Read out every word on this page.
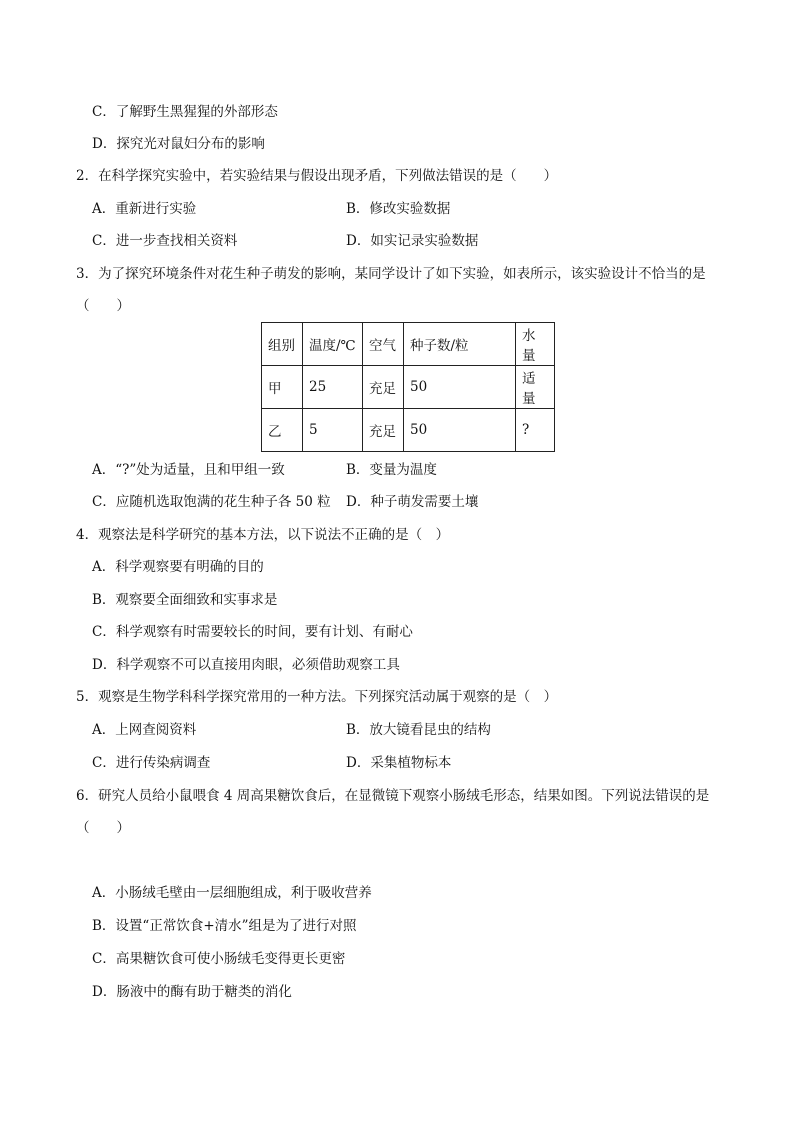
C．了解野生黑猩猩的外部形态
D．探究光对鼠妇分布的影响
2．在科学探究实验中，若实验结果与假设出现矛盾，下列做法错误的是（　　）
A．重新进行实验	B．修改实验数据
C．进一步查找相关资料	D．如实记录实验数据
3．为了探究环境条件对花生种子萌发的影响，某同学设计了如下实验，如表所示，该实验设计不恰当的是
（　　）
组别	温度/℃	空气	种子数/粒	水量
甲	25	充足	50	适量
乙	5	充足	50	?
A．“?”处为适量，且和甲组一致	B．变量为温度
C．应随机选取饱满的花生种子各 50 粒 D．种子萌发需要土壤
4．观察法是科学研究的基本方法，以下说法不正确的是（　）
A．科学观察要有明确的目的
B．观察要全面细致和实事求是
C．科学观察有时需要较长的时间，要有计划、有耐心
D．科学观察不可以直接用肉眼，必须借助观察工具
5．观察是生物学科科学探究常用的一种方法。下列探究活动属于观察的是（　）
A．上网查阅资料	B．放大镜看昆虫的结构
C．进行传染病调查	D．采集植物标本
6．研究人员给小鼠喂食 4 周高果糖饮食后，在显微镜下观察小肠绒毛形态，结果如图。下列说法错误的是
（　　）
A．小肠绒毛壁由一层细胞组成，利于吸收营养
B．设置“正常饮食+清水”组是为了进行对照
C．高果糖饮食可使小肠绒毛变得更长更密
D．肠液中的酶有助于糖类的消化
